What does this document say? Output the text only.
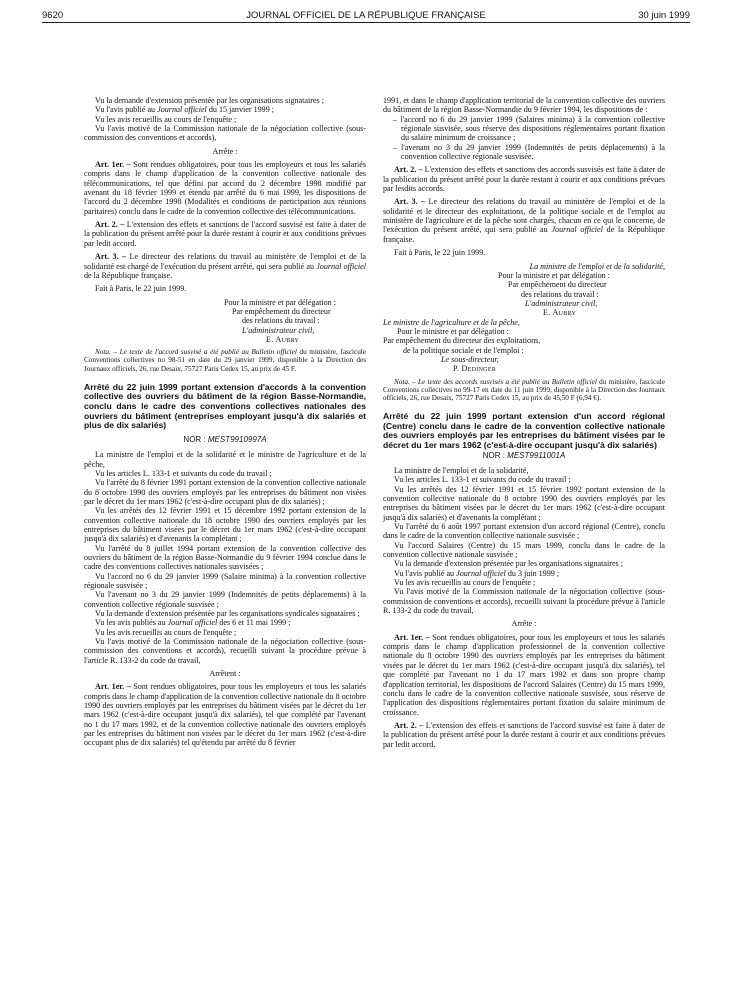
9620	JOURNAL OFFICIEL DE LA RÉPUBLIQUE FRANÇAISE	30 juin 1999

Vu la demande d'extension présentée par les organisations signataires ;

Vu l'avis publié au Journal officiel du 15 janvier 1999 ;

Vu les avis recueillis au cours de l'enquête ;

Vu l'avis motivé de la Commission nationale de la négociation collective (sous-commission des conventions et accords),

Arrête :

Art. 1er. – Sont rendues obligatoires, pour tous les employeurs et tous les salariés compris dans le champ d'application de la convention collective nationale des télécommunications, tel que défini par accord du 2 décembre 1998 modifié par avenant du 18 février 1999 et étendu par arrêté du 6 mai 1999, les dispositions de l'accord du 2 décembre 1998 (Modalités et conditions de participation aux réunions paritaires) conclu dans le cadre de la convention collective des télécommunications.

Art. 2. – L'extension des effets et sanctions de l'accord susvisé est faite à dater de la publication du présent arrêté pour la durée restant à courir et aux conditions prévues par ledit accord.

Art. 3. – Le directeur des relations du travail au ministère de l'emploi et de la solidarité est chargé de l'exécution du présent arrêté, qui sera publié au Journal officiel de la République française.

Fait à Paris, le 22 juin 1999.

Pour la ministre et par délégation :

Par empêchement du directeur

des relations du travail :

L'administrateur civil,

E. Aubry

Nota. – Le texte de l'accord susvisé a été publié au Bulletin officiel du ministère, fascicule Conventions collectives no 98-51 en date du 29 janvier 1999, disponible à la Direction des Journaux officiels, 26, rue Desaix, 75727 Paris Cedex 15, au prix de 45 F.

Arrêté du 22 juin 1999 portant extension d'accords à la convention collective des ouvriers du bâtiment de la région Basse-Normandie, conclu dans le cadre des conventions collectives nationales des ouvriers du bâtiment (entreprises employant jusqu'à dix salariés et plus de dix salariés)

NOR : MESТ9910997A

La ministre de l'emploi et de la solidarité et le ministre de l'agriculture et de la pêche,

Vu les articles L. 133-1 et suivants du code du travail ;

Vu l'arrêté du 8 février 1991 portant extension de la convention collective nationale du 8 octobre 1990 des ouvriers employés par les entreprises du bâtiment non visées par le décret du 1er mars 1962 (c'est-à-dire occupant plus de dix salariés) ;

Vu les arrêtés des 12 février 1991 et 15 décembre 1992 portant extension de la convention collective nationale du 18 octobre 1990 des ouvriers employés par les entreprises du bâtiment visées par le décret du 1er mars 1962 (c'est-à-dire occupant jusqu'à dix salariés) et d'avenants la complétant ;

Vu l'arrêté du 8 juillet 1994 portant extension de la convention collective des ouvriers du bâtiment de la région Basse-Normandie du 9 février 1994 conclue dans le cadre des conventions collectives nationales susvisées ;

Vu l'accord no 6 du 29 janvier 1999 (Salaire minima) à la convention collective régionale susvisée ;

Vu l'avenant no 3 du 29 janvier 1999 (Indemnités de petits déplacements) à la convention collective régionale susvisée ;

Vu la demande d'extension présentée par les organisations syndicales signataires ;

Vu les avis publiés au Journal officiel des 6 et 11 mai 1999 ;

Vu les avis recueillis au cours de l'enquête ;

Vu l'avis motivé de la Commission nationale de la négociation collective (sous-commission des conventions et accords), recueilli suivant la procédure prévue à l'article R. 133-2 du code du travail,

Arrêtent :

Art. 1er. – Sont rendues obligatoires, pour tous les employeurs et tous les salariés compris dans le champ d'application de la convention collective nationale du 8 octobre 1990 des ouvriers employés par les entreprises du bâtiment visées par le décret du 1er mars 1962 (c'est-à-dire occupant jusqu'à dix salariés), tel que complété par l'avenant no 1 du 17 mars 1992, et de la convention collective nationale des ouvriers employés par les entreprises du bâtiment non visées par le décret du 1er mars 1962 (c'est-à-dire occupant plus de dix salariés) tel qu'étendu par arrêté du 8 février

1991, et dans le champ d'application territorial de la convention collective des ouvriers du bâtiment de la région Basse-Normandie du 9 février 1994, les dispositions de :

– l'accord no 6 du 29 janvier 1999 (Salaires minima) à la convention collective régionale susvisée, sous réserve des dispositions réglementaires portant fixation du salaire minimum de croissance ;

– l'avenant no 3 du 29 janvier 1999 (Indemnités de petits déplacements) à la convention collective régionale susvisée.

Art. 2. – L'extension des effets et sanctions des accords susvisés est faite à dater de la publication du présent arrêté pour la durée restant à courir et aux conditions prévues par lesdits accords.

Art. 3. – Le directeur des relations du travail au ministère de l'emploi et de la solidarité et le directeur des exploitations, de la politique sociale et de l'emploi au ministère de l'agriculture et de la pêche sont chargés, chacun en ce qui le concerne, de l'exécution du présent arrêté, qui sera publié au Journal officiel de la République française.

Fait à Paris, le 22 juin 1999.

La ministre de l'emploi et de la solidarité,

Pour la ministre et par délégation :

Par empêchement du directeur

des relations du travail :

L'administrateur civil,

E. Aubry

Le ministre de l'agriculture et de la pêche,

Pour le ministre et par délégation :

Par empêchement du directeur des exploitations,

de la politique sociale et de l'emploi :

Le sous-directeur,

P. Dedinger

Nota. – Le texte des accords susvisés a été publié au Bulletin officiel du ministère, fascicule Conventions collectives no 99-17 en date du 11 juin 1999, disponible à la Direction des Journaux officiels, 26, rue Desaix, 75727 Paris Cedex 15, au prix de 45,50 F (6,94 €).

Arrêté du 22 juin 1999 portant extension d'un accord régional (Centre) conclu dans le cadre de la convention collective nationale des ouvriers employés par les entreprises du bâtiment visées par le décret du 1er mars 1962 (c'est-à-dire occupant jusqu'à dix salariés)

NOR : MEST9911001A

La ministre de l'emploi et de la solidarité,

Vu les articles L. 133-1 et suivants du code du travail ;

Vu les arrêtés des 12 février 1991 et 15 février 1992 portant extension de la convention collective nationale du 8 octobre 1990 des ouvriers employés par les entreprises du bâtiment visées par le décret du 1er mars 1962 (c'est-à-dire occupant jusqu'à dix salariés) et d'avenants la complétant ;

Vu l'arrêté du 6 août 1997 portant extension d'un accord régional (Centre), conclu dans le cadre de la convention collective nationale susvisée ;

Vu l'accord Salaires (Centre) du 15 mars 1999, conclu dans le cadre de la convention collective nationale susvisée ;

Vu la demande d'extension présentée par les organisations signataires ;

Vu l'avis publié au Journal officiel du 3 juin 1999 ;

Vu les avis recueillis au cours de l'enquête ;

Vu l'avis motivé de la Commission nationale de la négociation collective (sous-commission de conventions et accords), recueilli suivant la procédure prévue à l'article R. 133-2 du code du travail,

Arrête :

Art. 1er. – Sont rendues obligatoires, pour tous les employeurs et tous les salariés compris dans le champ d'application professionnel de la convention collective nationale du 8 octobre 1990 des ouvriers employés par les entreprises du bâtiment visées par le décret du 1er mars 1962 (c'est-à-dire occupant jusqu'à dix salariés), tel que complété par l'avenant no 1 du 17 mars 1992 et dans son propre champ d'application territorial, les dispositions de l'accord Salaires (Centre) du 15 mars 1999, conclu dans le cadre de la convention collective nationale susvisée, sous réserve de l'application des dispositions réglementaires portant fixation du salaire minimum de croissance.

Art. 2. – L'extension des effets et sanctions de l'accord susvisé est faite à dater de la publication du présent arrêté pour la durée restant à courir et aux conditions prévues par ledit accord.
